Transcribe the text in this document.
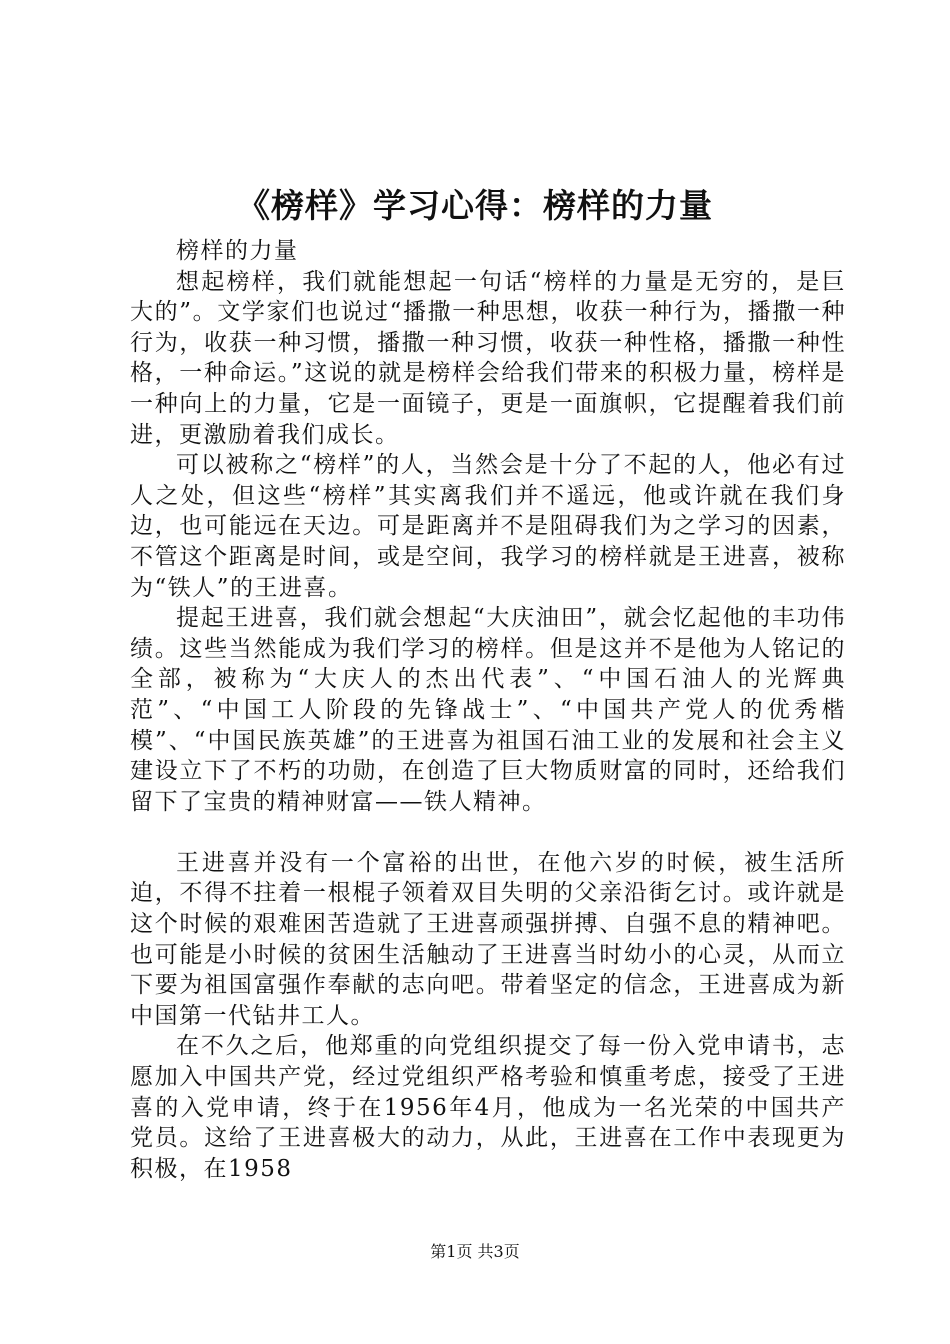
《榜样》学习心得：榜样的力量

榜样的力量

想起榜样，我们就能想起一句话“榜样的力量是无穷的，是巨大的”。文学家们也说过“播撒一种思想，收获一种行为，播撒一种行为，收获一种习惯，播撒一种习惯，收获一种性格，播撒一种性格，一种命运。”这说的就是榜样会给我们带来的积极力量，榜样是一种向上的力量，它是一面镜子，更是一面旗帜，它提醒着我们前进，更激励着我们成长。

可以被称之“榜样”的人，当然会是十分了不起的人，他必有过人之处，但这些“榜样”其实离我们并不遥远，他或许就在我们身边，也可能远在天边。可是距离并不是阻碍我们为之学习的因素，不管这个距离是时间，或是空间，我学习的榜样就是王进喜，被称为“铁人”的王进喜。

提起王进喜，我们就会想起“大庆油田”，就会忆起他的丰功伟绩。这些当然能成为我们学习的榜样。但是这并不是他为人铭记的全部，被称为“大庆人的杰出代表”、“中国石油人的光辉典范”、“中国工人阶段的先锋战士”、“中国共产党人的优秀楷模”、“中国民族英雄”的王进喜为祖国石油工业的发展和社会主义建设立下了不朽的功勋，在创造了巨大物质财富的同时，还给我们留下了宝贵的精神财富——铁人精神。

王进喜并没有一个富裕的出世，在他六岁的时候，被生活所迫，不得不拄着一根棍子领着双目失明的父亲沿街乞讨。或许就是这个时候的艰难困苦造就了王进喜顽强拼搏、自强不息的精神吧。也可能是小时候的贫困生活触动了王进喜当时幼小的心灵，从而立下要为祖国富强作奉献的志向吧。带着坚定的信念，王进喜成为新中国第一代钻井工人。

在不久之后，他郑重的向党组织提交了每一份入党申请书，志愿加入中国共产党，经过党组织严格考验和慎重考虑，接受了王进喜的入党申请，终于在1956年4月，他成为一名光荣的中国共产党员。这给了王进喜极大的动力，从此，王进喜在工作中表现更为积极，在1958

第1页 共3页
